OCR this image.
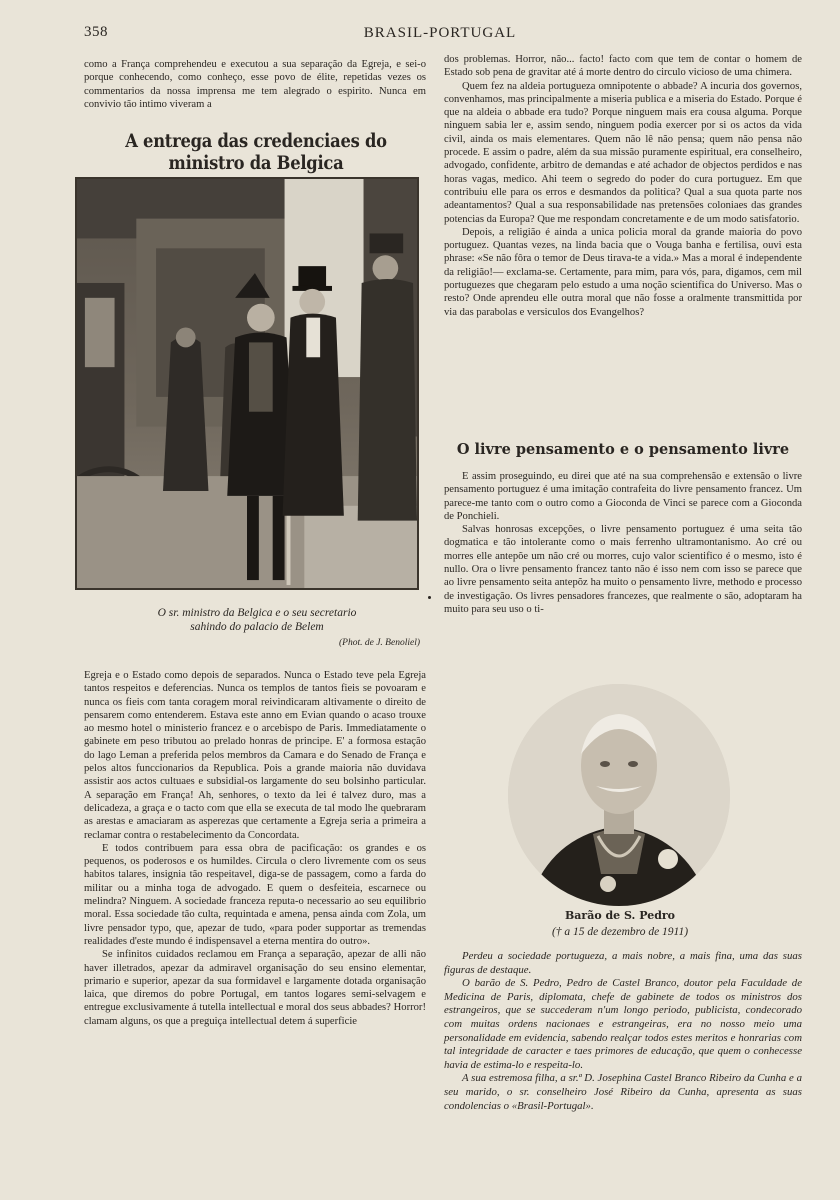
358	BRASIL-PORTUGAL

como a França comprehendeu e executou a sua separação da Egreja, e sei-o porque conhecendo, como conheço, esse povo de élite, repetidas vezes os commentarios da nossa imprensa me tem alegrado o espirito. Nunca em convivio tão intimo viveram a

A entrega das credenciaes do ministro da Belgica
O sr. ministro da Belgica e o seu secretario
sahindo do palacio de Belem
(Phot. de J. Benoliel)

Egreja e o Estado como depois de separados. Nunca o Estado teve pela Egreja tantos respeitos e deferencias. Nunca os templos de tantos fieis se povoaram e nunca os fieis com tanta coragem moral reivindicaram altivamente o direito de pensarem como entenderem. Estava este anno em Evian quando o acaso trouxe ao mesmo hotel o ministerio francez e o arcebispo de Paris. Immediatamente o gabinete em peso tributou ao prelado honras de principe. E' a formosa estação do lago Leman a preferida pelos membros da Camara e do Senado de França e pelos altos funccionarios da Republica. Pois a grande maioria não duvidava assistir aos actos cultuaes e subsidial-os largamente do seu bolsinho particular. A separação em França! Ah, senhores, o texto da lei é talvez duro, mas a delicadeza, a graça e o tacto com que ella se executa de tal modo lhe quebraram as arestas e amaciaram as asperezas que certamente a Egreja seria a primeira a reclamar contra o restabelecimento da Concordata.

E todos contribuem para essa obra de pacificação: os grandes e os pequenos, os poderosos e os humildes. Circula o clero livremente com os seus habitos talares, insignia tão respeitavel, diga-se de passagem, como a farda do militar ou a minha toga de advogado. E quem o desfeiteia, escarnece ou melindra? Ninguem. A sociedade franceza reputa-o necessario ao seu equilibrio moral. Essa sociedade tão culta, requintada e amena, pensa ainda com Zola, um livre pensador typo, que, apezar de tudo, «para poder supportar as tremendas realidades d'este mundo é indispensavel a eterna mentira do outro».

Se infinitos cuidados reclamou em França a separação, apezar de alli não haver illetrados, apezar da admiravel organisação do seu ensino elementar, primario e superior, apezar da sua formidavel e largamente dotada organisação laica, que diremos do pobre Portugal, em tantos logares semi-selvagem e entregue exclusivamente á tutella intellectual e moral dos seus abbades? Horror! clamam alguns, os que a preguiça intellectual detem á superficie

dos problemas. Horror, não... facto! facto com que tem de contar o homem de Estado sob pena de gravitar até á morte dentro do circulo vicioso de uma chimera.

Quem fez na aldeia portugueza omnipotente o abbade? A incuria dos governos, convenhamos, mas principalmente a miseria publica e a miseria do Estado. Porque é que na aldeia o abbade era tudo? Porque ninguem mais era cousa alguma. Porque ninguem sabia ler e, assim sendo, ninguem podia exercer por si os actos da vida civil, ainda os mais elementares. Quem não lê não pensa; quem não pensa não procede. E assim o padre, além da sua missão puramente espiritual, era conselheiro, advogado, confidente, arbitro de demandas e até achador de objectos perdidos e nas horas vagas, medico. Ahi teem o segredo do poder do cura portuguez. Em que contribuiu elle para os erros e desmandos da politica? Qual a sua quota parte nos adeantamentos? Qual a sua responsabilidade nas pretensões coloniaes das grandes potencias da Europa? Que me respondam concretamente e de um modo satisfatorio.

Depois, a religião é ainda a unica policia moral da grande maioria do povo portuguez. Quantas vezes, na linda bacia que o Vouga banha e fertilisa, ouvi esta phrase: «Se não fôra o temor de Deus tirava-te a vida.» Mas a moral é independente da religião!— exclama-se. Certamente, para mim, para vós, para, digamos, cem mil portuguezes que chegaram pelo estudo a uma noção scientifica do Universo. Mas o resto? Onde aprendeu elle outra moral que não fosse a oralmente transmittida por via das parabolas e versiculos dos Evangelhos?

O livre pensamento e o pensamento livre

E assim proseguindo, eu direi que até na sua comprehensão e extensão o livre pensamento portuguez é uma imitação contrafeita do livre pensamento francez. Um parece-me tanto com o outro como a Gioconda de Vinci se parece com a Gioconda de Ponchieli.

Salvas honrosas excepções, o livre pensamento portuguez é uma seita tão dogmatica e tão intolerante como o mais ferrenho ultramontanismo. Ao cré ou morres elle antepõe um não cré ou morres, cujo valor scientifico é o mesmo, isto é nullo. Ora o livre pensamento francez tanto não é isso nem com isso se parece que ao livre pensamento seita antepõz ha muito o pensamento livre, methodo e processo de investigação. Os livres pensadores francezes, que realmente o são, adoptaram ha muito para seu uso o ti-

Barão de S. Pedro
(† a 15 de dezembro de 1911)

Perdeu a sociedade portugueza, a mais nobre, a mais fina, uma das suas figuras de destaque.

O barão de S. Pedro, Pedro de Castel Branco, doutor pela Faculdade de Medicina de Paris, diplomata, chefe de gabinete de todos os ministros dos estrangeiros, que se succederam n'um longo periodo, publicista, condecorado com muitas ordens nacionaes e estrangeiras, era no nosso meio uma personalidade em evidencia, sabendo realçar todos estes meritos e honrarias com tal integridade de caracter e taes primores de educação, que quem o conhecesse havia de estima-lo e respeita-lo.

A sua estremosa filha, a sr.ª D. Josephina Castel Branco Ribeiro da Cunha e a seu marido, o sr. conselheiro José Ribeiro da Cunha, apresenta as suas condolencias o «Brasil-Portugal».
